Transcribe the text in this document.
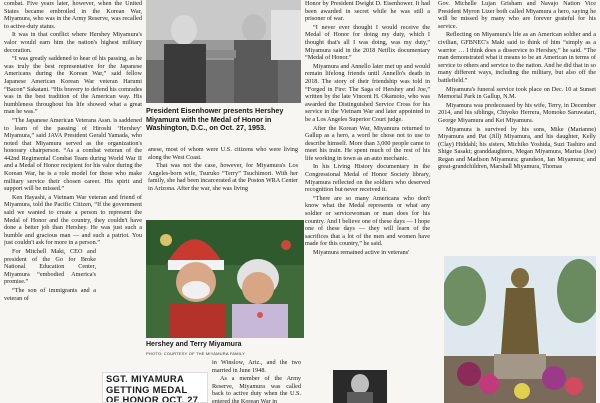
combat. Five years later, however, when the United States became embroiled in the Korean War, Miyamura, who was in the Army Reserve, was recalled to active-duty status.

It was in that conflict where Hershey Miyamura's valor would earn him the nation's highest military decoration.

“I was greatly saddened to hear of his passing, as he was truly the best representative for the Japanese Americans during the Korean War,” said fellow Japanese American Korean War veteran Harumi “Bacon” Sakatani. “His bravery to defend his comrades was in the best tradition of the American way. His humbleness throughout his life showed what a great man he was.”

“The Japanese American Veterans Assn. is saddened to learn of the passing of Hiroshi ‘Hershey’ Miyamura,” said JAVA President Gerald Yamada, who noted that Miyamura served as the organization's honorary chairperson. “As a combat veteran of the 442nd Regimental Combat Team during World War II and a Medal of Honor recipient for his valor during the Korean War, he is a role model for those who make military service their chosen career. His spirit and support will be missed.”

Ken Hayashi, a Vietnam War veteran and friend of Miyamura, told the Pacific Citizen, “If the government said we wanted to create a person to represent the Medal of Honor and the country, they couldn't have done a better job than Hershey. He was just such a humble and gracious man — and such a patriot. You just couldn't ask for more in a person.”

For Mitchell Maki, CEO and president of the Go for Broke National Education Center, Miyamura “embodied America's promise.”

“The son of immigrants and a veteran of

President Eisenhower presents Hershey Miyamura with the Medal of Honor in Washington, D.C., on Oct. 27, 1953.

anese, most of whom were U.S. citizens who were living along the West Coast.

That was not the case, however, for Miyamura's Los Angeles-born wife, Tsuruko “Terry” Tsuchimori. With her family, she had been incarcerated at the Poston WRA Center in Arizona. After the war, she was living

Hershey and Terry Miyamura
PHOTO: COURTESY OF THE MIYAMURA FAMILY
SGT. MIYAMURA
GETTING MEDAL
OF HONOR OCT. 27

in Winslow, Ariz., and the two married in June 1948.

As a member of the Army Reserve, Miyamura was called back to active duty when the U.S. entered the Korean War in

Honor by President Dwight D. Eisenhower. It had been awarded in secret while he was still a prisoner of war.

“I never ever thought I would receive the Medal of Honor for doing my duty, which I thought that's all I was doing, was my duty,” Miyamura said in the 2018 Netflix documentary “Medal of Honor.”

Miyamura and Annello later met up and would remain lifelong friends until Annello's death in 2018. The story of their friendship was told in “Forged in Fire: The Saga of Hershey and Joe,” written by the late Vincent H. Okamoto, who was awarded the Distinguished Service Cross for his service in the Vietnam War and later appointed to be a Los Angeles Superior Court judge.

After the Korean War, Miyamura returned to Gallup as a hero, a word he chose not to use to describe himself. More than 3,000 people came to meet his train. He spent much of the rest of his life working in town as an auto mechanic.

In his Living History documentary in the Congressional Medal of Honor Society library, Miyamura reflected on the soldiers who deserved recognition but never received it.

“There are so many Americans who don't know what the Medal represents or what any soldier or servicewoman or man does for his country. And I believe one of these days — I hope one of these days — they will learn of the sacrifices that a lot of the men and women have made for this country,” he said.

Miyamura remained active in veterans'

Gov. Michelle Lujan Grisham and Navajo Nation Vice President Myron Lizer both called Miyamura a hero, saying he will be missed by many who are forever grateful for his service.

Reflecting on Miyamura's life as an American soldier and a civilian, GFBNEC's Maki said to think of him “simply as a warrior … I think does a disservice to Hershey,” he said. “The man demonstrated what it means to be an American in terms of service to others and service to the nation. And he did that in so many different ways, including the military, but also off the battlefield.”

Miyamura's funeral service took place on Dec. 10 at Sunset Memorial Park in Gallup, N.M.

Miyamura was predeceased by his wife, Terry, in December 2014, and his siblings, Chiyoko Herrera, Momoko Saruwatari, George Miyamura and Kei Miyamura.

Miyamura is survived by his sons, Mike (Marianne) Miyamura and Pat (Jill) Miyamura, and his daughter, Kelly (Clay) Hiddahl; his sisters, Michiko Yoshida, Suzi Tashiro and Shige Sasaki; granddaughters, Megan Miyamura, Marisa (Joe) Regan and Madison Miyamura; grandson, Ian Miyamura; and great-grandchildren, Marshall Miyamura, Thomas
